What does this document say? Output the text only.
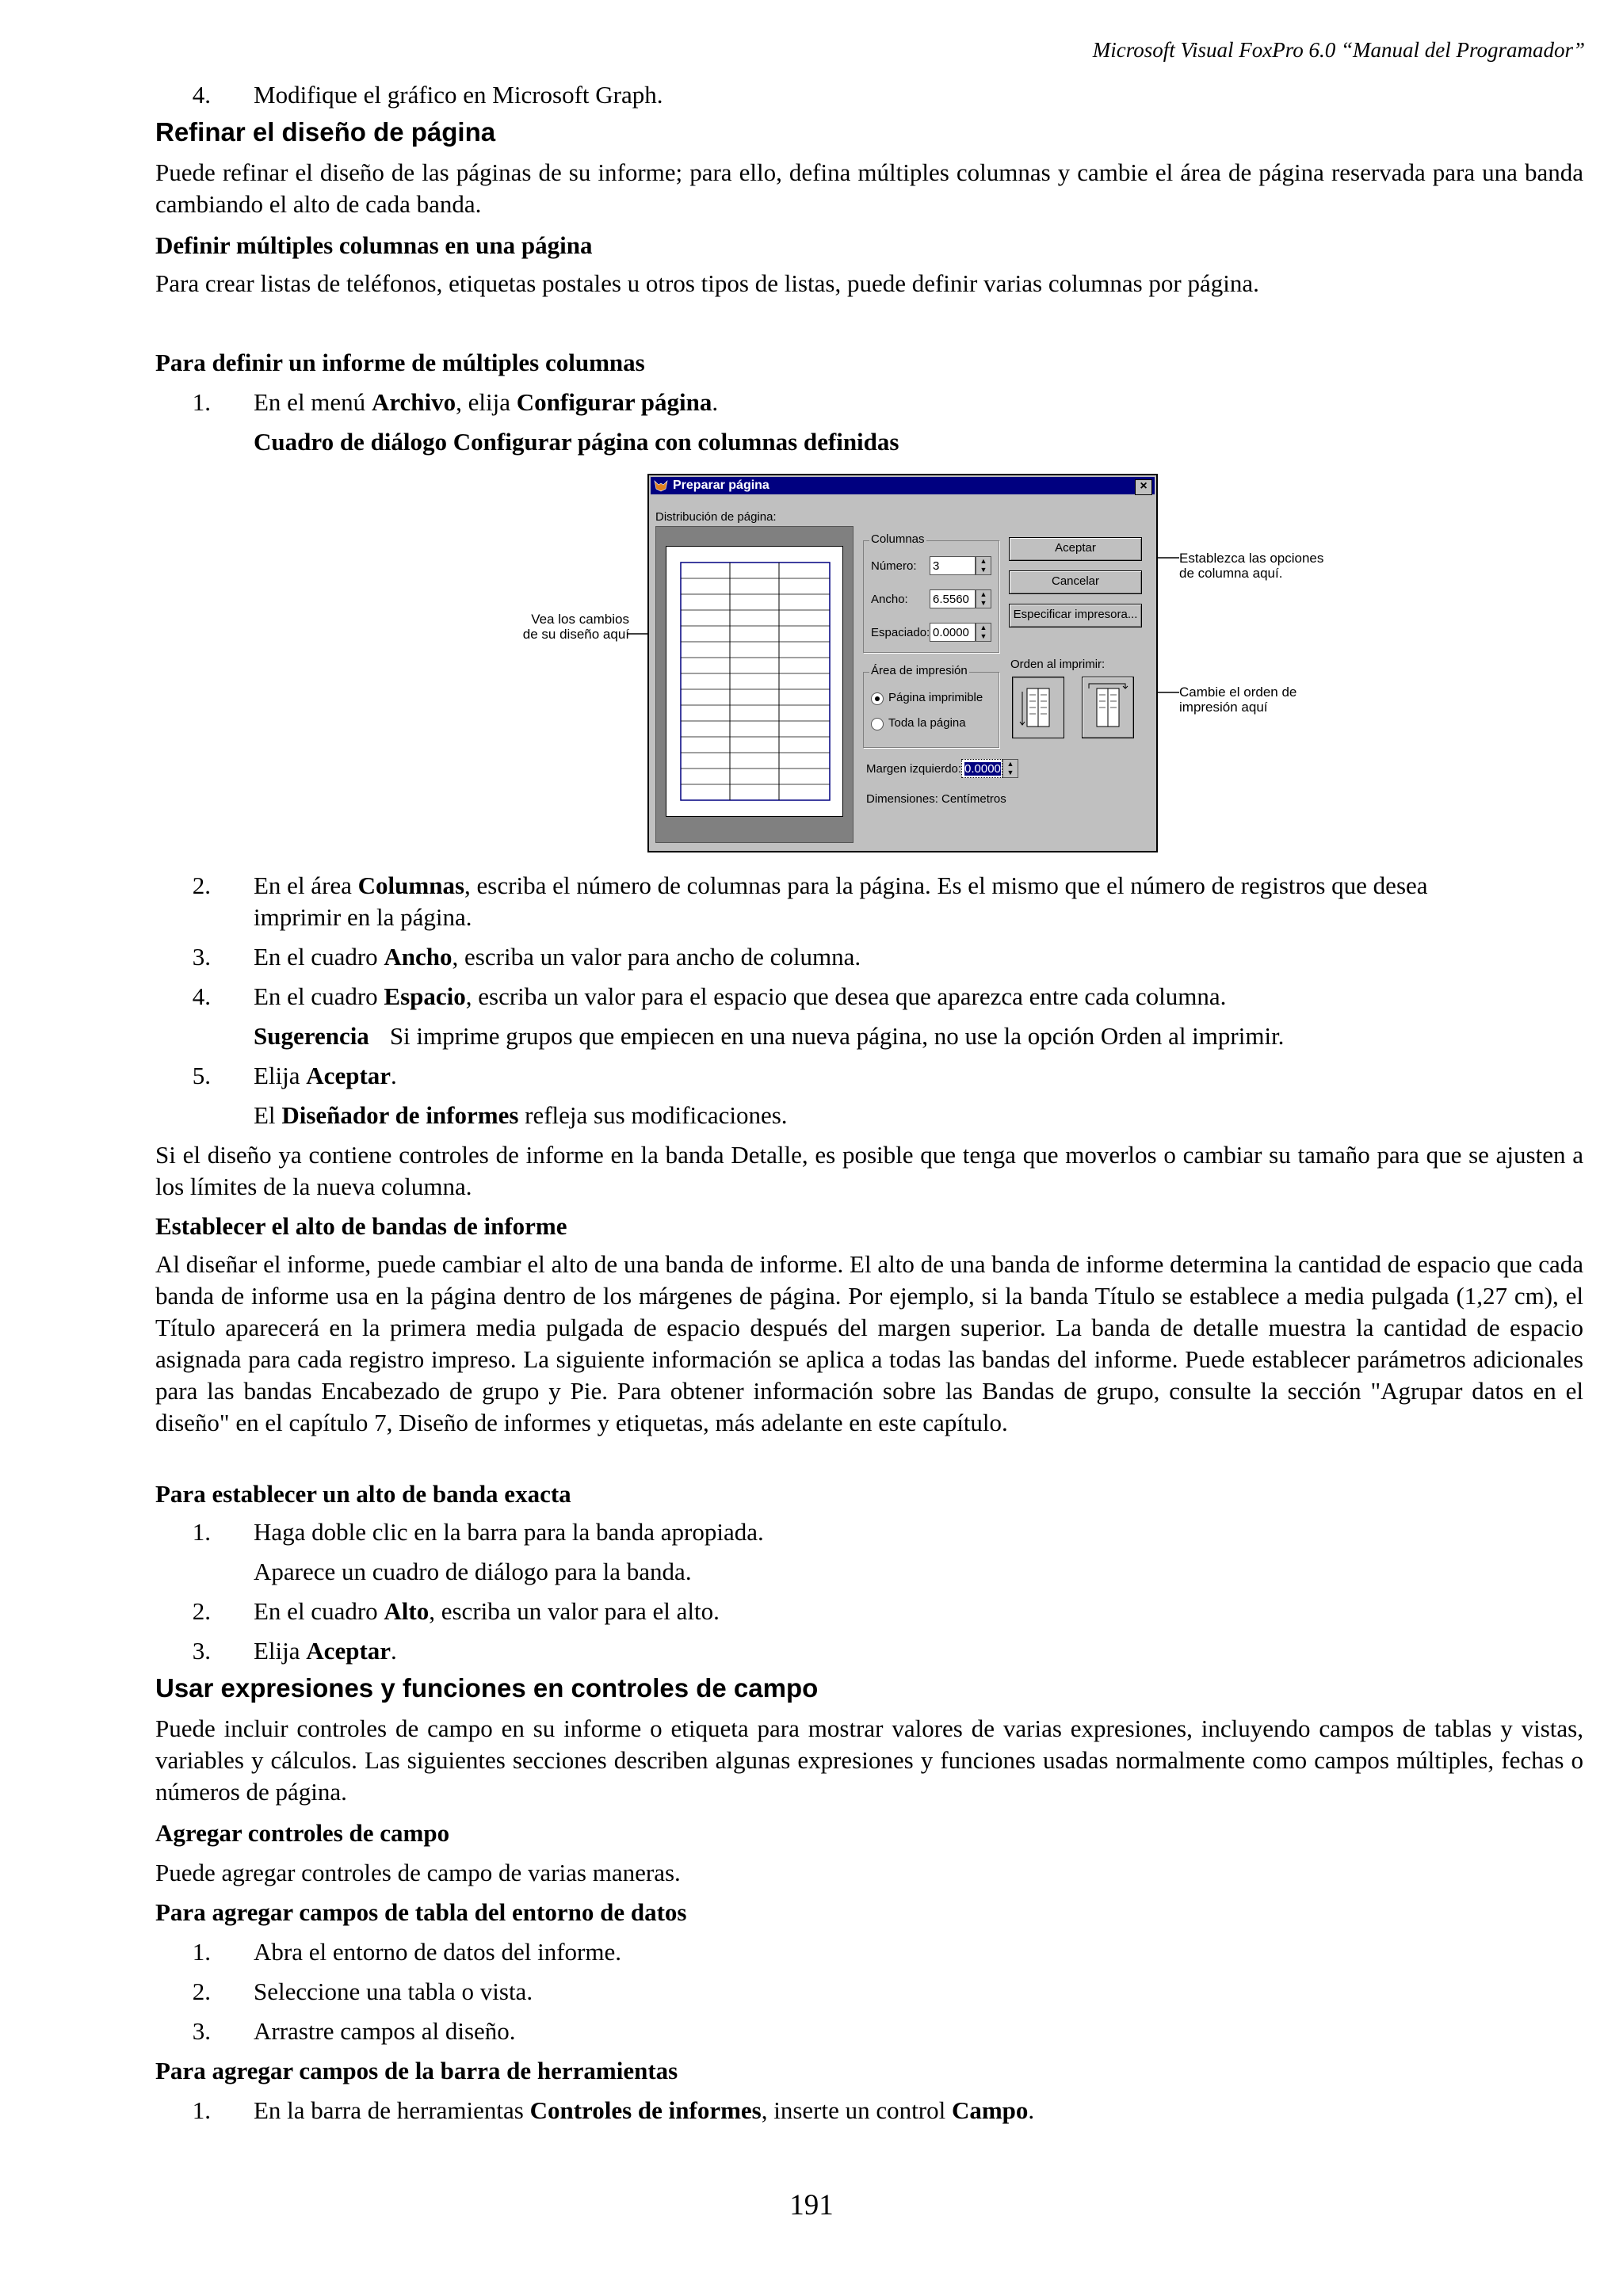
Microsoft Visual FoxPro 6.0 “Manual del Programador”
4. Modifique el gráfico en Microsoft Graph.
Refinar el diseño de página
Puede refinar el diseño de las páginas de su informe; para ello, defina múltiples columnas y cambie el área de página reservada para una banda cambiando el alto de cada banda.
Definir múltiples columnas en una página
Para crear listas de teléfonos, etiquetas postales u otros tipos de listas, puede definir varias columnas por página.
Para definir un informe de múltiples columnas
1. En el menú Archivo, elija Configurar página.
Cuadro de diálogo Configurar página con columnas definidas
Vea los cambios
de su diseño aquí
Establezca las opciones
de columna aquí.
Cambie el orden de
impresión aquí
Preparar página	×
Distribución de página:
Columnas
Número: 3	▲
▼
Ancho: 6.5560	▲
▼
Espaciado: 0.0000	▲
▼
Aceptar
Cancelar
Especificar impresora...
Área de impresión
Página imprimible
Toda la página
Orden al imprimir:
Margen izquierdo: 0.0000 ▲
▼
Dimensiones: Centímetros
2. En el área Columnas, escriba el número de columnas para la página. Es el mismo que el número de registros que desea
imprimir en la página.
3. En el cuadro Ancho, escriba un valor para ancho de columna.
4. En el cuadro Espacio, escriba un valor para el espacio que desea que aparezca entre cada columna.
Sugerencia Si imprime grupos que empiecen en una nueva página, no use la opción Orden al imprimir.
5. Elija Aceptar.
El Diseñador de informes refleja sus modificaciones.
Si el diseño ya contiene controles de informe en la banda Detalle, es posible que tenga que moverlos o cambiar su tamaño para que se ajusten a los límites de la nueva columna.
Establecer el alto de bandas de informe
Al diseñar el informe, puede cambiar el alto de una banda de informe. El alto de una banda de informe determina la cantidad de espacio que cada banda de informe usa en la página dentro de los márgenes de página. Por ejemplo, si la banda Título se establece a media pulgada (1,27 cm), el Título aparecerá en la primera media pulgada de espacio después del margen superior. La banda de detalle muestra la cantidad de espacio asignada para cada registro impreso. La siguiente información se aplica a todas las bandas del informe. Puede establecer parámetros adicionales para las bandas Encabezado de grupo y Pie. Para obtener información sobre las Bandas de grupo, consulte la sección "Agrupar datos en el diseño" en el capítulo 7, Diseño de informes y etiquetas, más adelante en este capítulo.
Para establecer un alto de banda exacta
1. Haga doble clic en la barra para la banda apropiada.
Aparece un cuadro de diálogo para la banda.
2. En el cuadro Alto, escriba un valor para el alto.
3. Elija Aceptar.
Usar expresiones y funciones en controles de campo
Puede incluir controles de campo en su informe o etiqueta para mostrar valores de varias expresiones, incluyendo campos de tablas y vistas, variables y cálculos. Las siguientes secciones describen algunas expresiones y funciones usadas normalmente como campos múltiples, fechas o números de página.
Agregar controles de campo
Puede agregar controles de campo de varias maneras.
Para agregar campos de tabla del entorno de datos
1. Abra el entorno de datos del informe.
2. Seleccione una tabla o vista.
3. Arrastre campos al diseño.
Para agregar campos de la barra de herramientas
1. En la barra de herramientas Controles de informes, inserte un control Campo.
191
